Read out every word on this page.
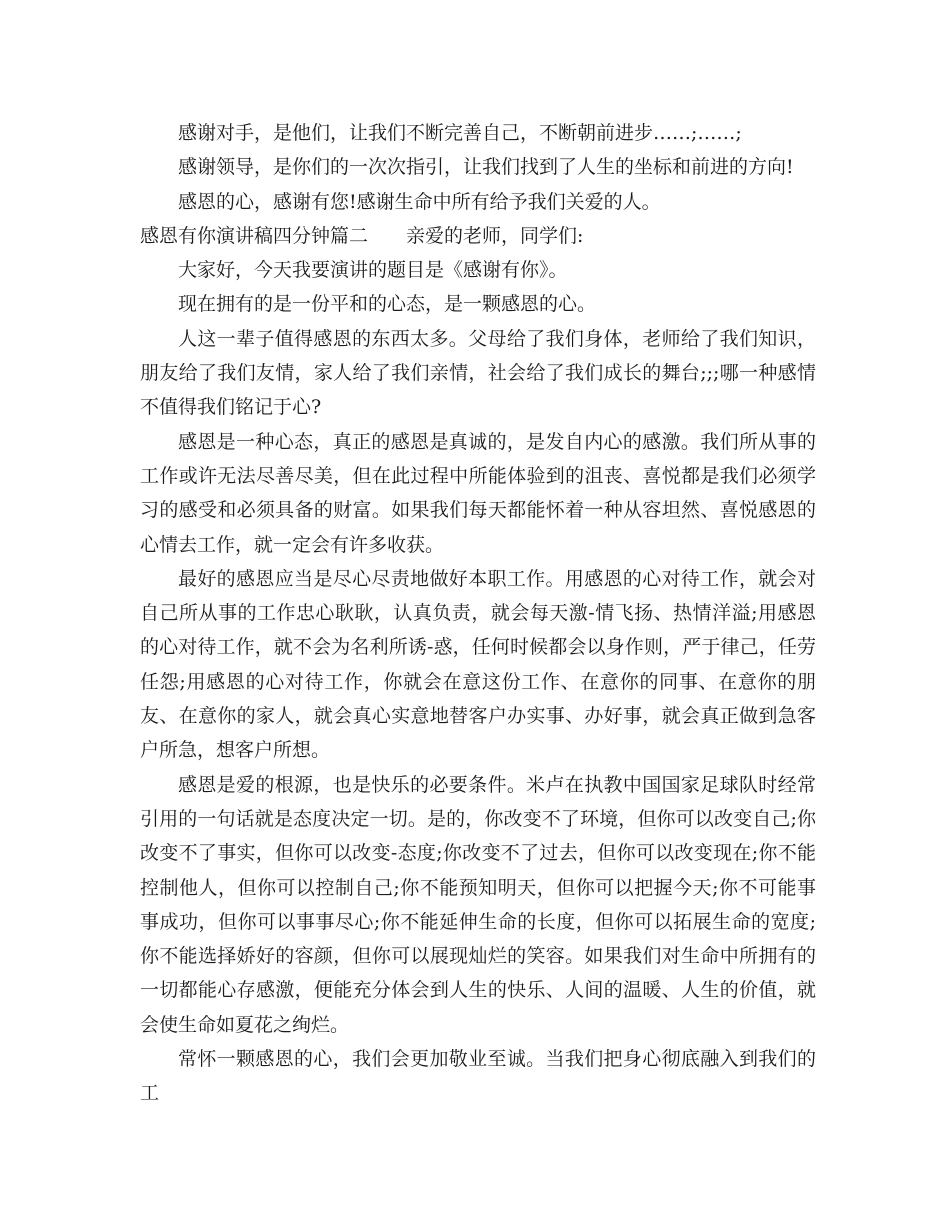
感谢对手，是他们，让我们不断完善自己，不断朝前进步……;……;

感谢领导，是你们的一次次指引，让我们找到了人生的坐标和前进的方向!

感恩的心，感谢有您!感谢生命中所有给予我们关爱的人。

感恩有你演讲稿四分钟篇二　　亲爱的老师，同学们:

大家好，今天我要演讲的题目是《感谢有你》。

现在拥有的是一份平和的心态，是一颗感恩的心。

人这一辈子值得感恩的东西太多。父母给了我们身体，老师给了我们知识，朋友给了我们友情，家人给了我们亲情，社会给了我们成长的舞台;;;哪一种感情不值得我们铭记于心?

感恩是一种心态，真正的感恩是真诚的，是发自内心的感激。我们所从事的工作或许无法尽善尽美，但在此过程中所能体验到的沮丧、喜悦都是我们必须学习的感受和必须具备的财富。如果我们每天都能怀着一种从容坦然、喜悦感恩的心情去工作，就一定会有许多收获。

最好的感恩应当是尽心尽责地做好本职工作。用感恩的心对待工作，就会对自己所从事的工作忠心耿耿，认真负责，就会每天激-情飞扬、热情洋溢;用感恩的心对待工作，就不会为名利所诱-惑，任何时候都会以身作则，严于律己，任劳任怨;用感恩的心对待工作，你就会在意这份工作、在意你的同事、在意你的朋友、在意你的家人，就会真心实意地替客户办实事、办好事，就会真正做到急客户所急，想客户所想。

感恩是爱的根源，也是快乐的必要条件。米卢在执教中国国家足球队时经常引用的一句话就是态度决定一切。是的，你改变不了环境，但你可以改变自己;你改变不了事实，但你可以改变-态度;你改变不了过去，但你可以改变现在;你不能控制他人，但你可以控制自己;你不能预知明天，但你可以把握今天;你不可能事事成功，但你可以事事尽心;你不能延伸生命的长度，但你可以拓展生命的宽度;你不能选择娇好的容颜，但你可以展现灿烂的笑容。如果我们对生命中所拥有的一切都能心存感激，便能充分体会到人生的快乐、人间的温暖、人生的价值，就会使生命如夏花之绚烂。

常怀一颗感恩的心，我们会更加敬业至诚。当我们把身心彻底融入到我们的工
